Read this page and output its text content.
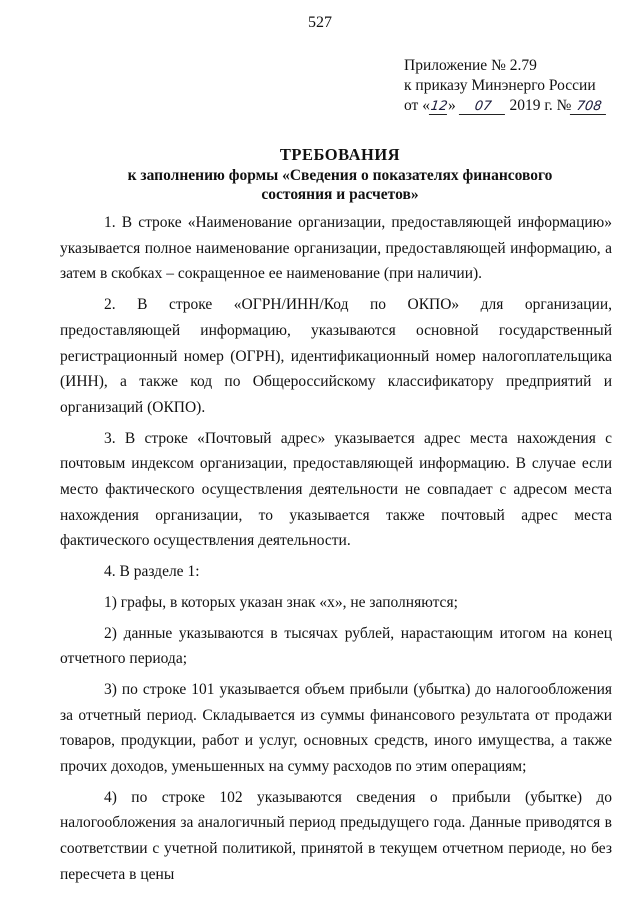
527
Приложение № 2.79
к приказу Минэнерго России
от «12» 07 2019 г. № 708
ТРЕБОВАНИЯ
к заполнению формы «Сведения о показателях финансового
состояния и расчетов»

1. В строке «Наименование организации, предоставляющей информацию» указывается полное наименование организации, предоставляющей информацию, а затем в скобках – сокращенное ее наименование (при наличии).

2. В строке «ОГРН/ИНН/Код по ОКПО» для организации, предоставляющей информацию, указываются основной государственный регистрационный номер (ОГРН), идентификационный номер налогоплательщика (ИНН), а также код по Общероссийскому классификатору предприятий и организаций (ОКПО).

3. В строке «Почтовый адрес» указывается адрес места нахождения с почтовым индексом организации, предоставляющей информацию. В случае если место фактического осуществления деятельности не совпадает с адресом места нахождения организации, то указывается также почтовый адрес места фактического осуществления деятельности.

4. В разделе 1:

1) графы, в которых указан знак «х», не заполняются;

2) данные указываются в тысячах рублей, нарастающим итогом на конец отчетного периода;

3) по строке 101 указывается объем прибыли (убытка) до налогообложения за отчетный период. Складывается из суммы финансового результата от продажи товаров, продукции, работ и услуг, основных средств, иного имущества, а также прочих доходов, уменьшенных на сумму расходов по этим операциям;

4) по строке 102 указываются сведения о прибыли (убытке) до налогообложения за аналогичный период предыдущего года. Данные приводятся в соответствии с учетной политикой, принятой в текущем отчетном периоде, но без пересчета в цены
